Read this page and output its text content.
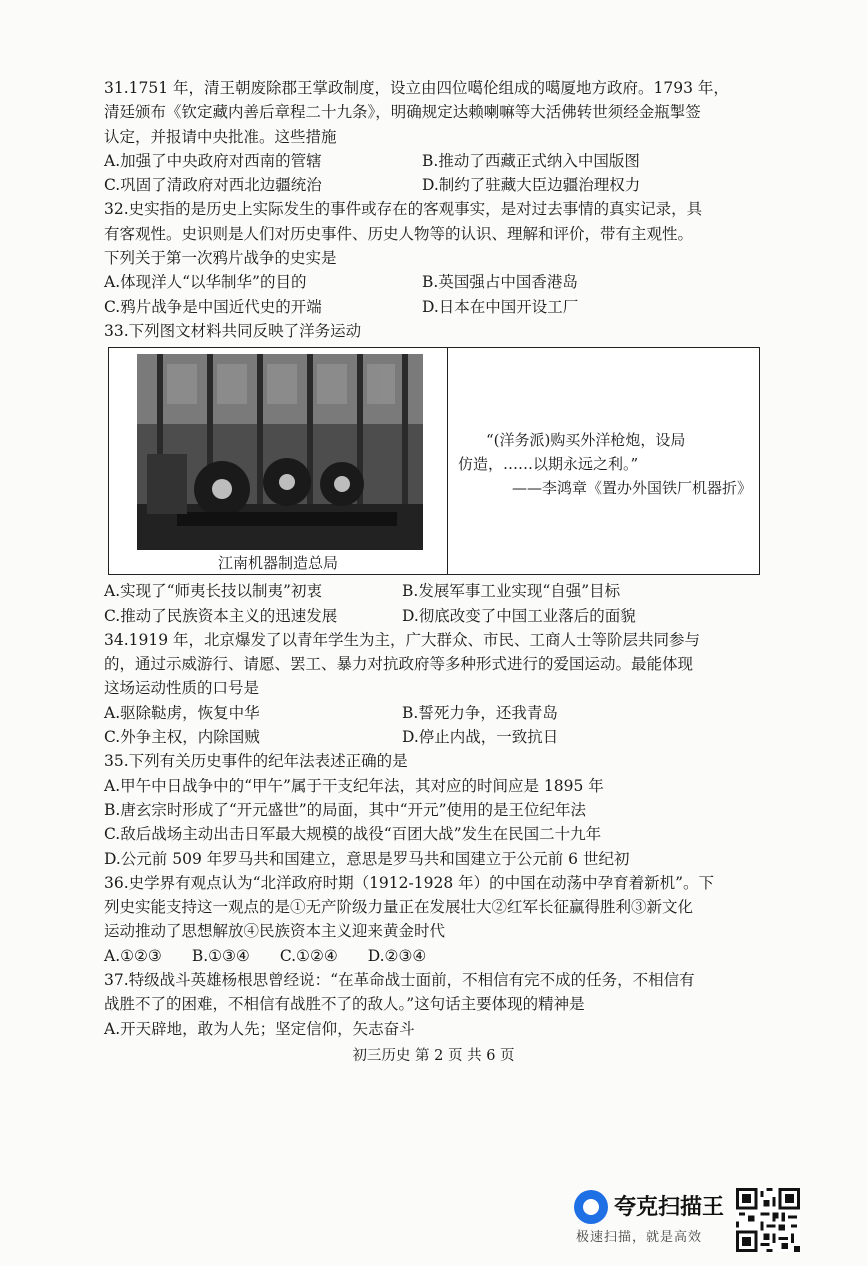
31.1751 年，清王朝废除郡王掌政制度，设立由四位噶伦组成的噶厦地方政府。1793 年，
清廷颁布《钦定藏内善后章程二十九条》，明确规定达赖喇嘛等大活佛转世须经金瓶掣签
认定，并报请中央批准。这些措施
A.加强了中央政府对西南的管辖	B.推动了西藏正式纳入中国版图
C.巩固了清政府对西北边疆统治	D.制约了驻藏大臣边疆治理权力
32.史实指的是历史上实际发生的事件或存在的客观事实，是对过去事情的真实记录，具
有客观性。史识则是人们对历史事件、历史人物等的认识、理解和评价，带有主观性。
下列关于第一次鸦片战争的史实是
A.体现洋人“以华制华”的目的	B.英国强占中国香港岛
C.鸦片战争是中国近代史的开端	D.日本在中国开设工厂
33.下列图文材料共同反映了洋务运动
江南机器制造总局
“(洋务派)购买外洋枪炮，设局
仿造，……以期永远之利。”
——李鸿章《置办外国铁厂机器折》
A.实现了“师夷长技以制夷”初衷	B.发展军事工业实现“自强”目标
C.推动了民族资本主义的迅速发展	D.彻底改变了中国工业落后的面貌
34.1919 年，北京爆发了以青年学生为主，广大群众、市民、工商人士等阶层共同参与
的，通过示威游行、请愿、罢工、暴力对抗政府等多种形式进行的爱国运动。最能体现
这场运动性质的口号是
A.驱除鞑虏，恢复中华	B.誓死力争，还我青岛
C.外争主权，内除国贼	D.停止内战，一致抗日
35.下列有关历史事件的纪年法表述正确的是
A.甲午中日战争中的“甲午”属于干支纪年法，其对应的时间应是 1895 年
B.唐玄宗时形成了“开元盛世”的局面，其中“开元”使用的是王位纪年法
C.敌后战场主动出击日军最大规模的战役“百团大战”发生在民国二十九年
D.公元前 509 年罗马共和国建立，意思是罗马共和国建立于公元前 6 世纪初
36.史学界有观点认为“北洋政府时期（1912-1928 年）的中国在动荡中孕育着新机”。下
列史实能支持这一观点的是①无产阶级力量正在发展壮大②红军长征赢得胜利③新文化
运动推动了思想解放④民族资本主义迎来黄金时代
A.①②③ B.①③④ C.①②④ D.②③④
37.特级战斗英雄杨根思曾经说：“在革命战士面前，不相信有完不成的任务，不相信有
战胜不了的困难，不相信有战胜不了的敌人。”这句话主要体现的精神是
A.开天辟地，敢为人先；坚定信仰，矢志奋斗
初三历史 第 2 页 共 6 页
夸克扫描王
极速扫描，就是高效
